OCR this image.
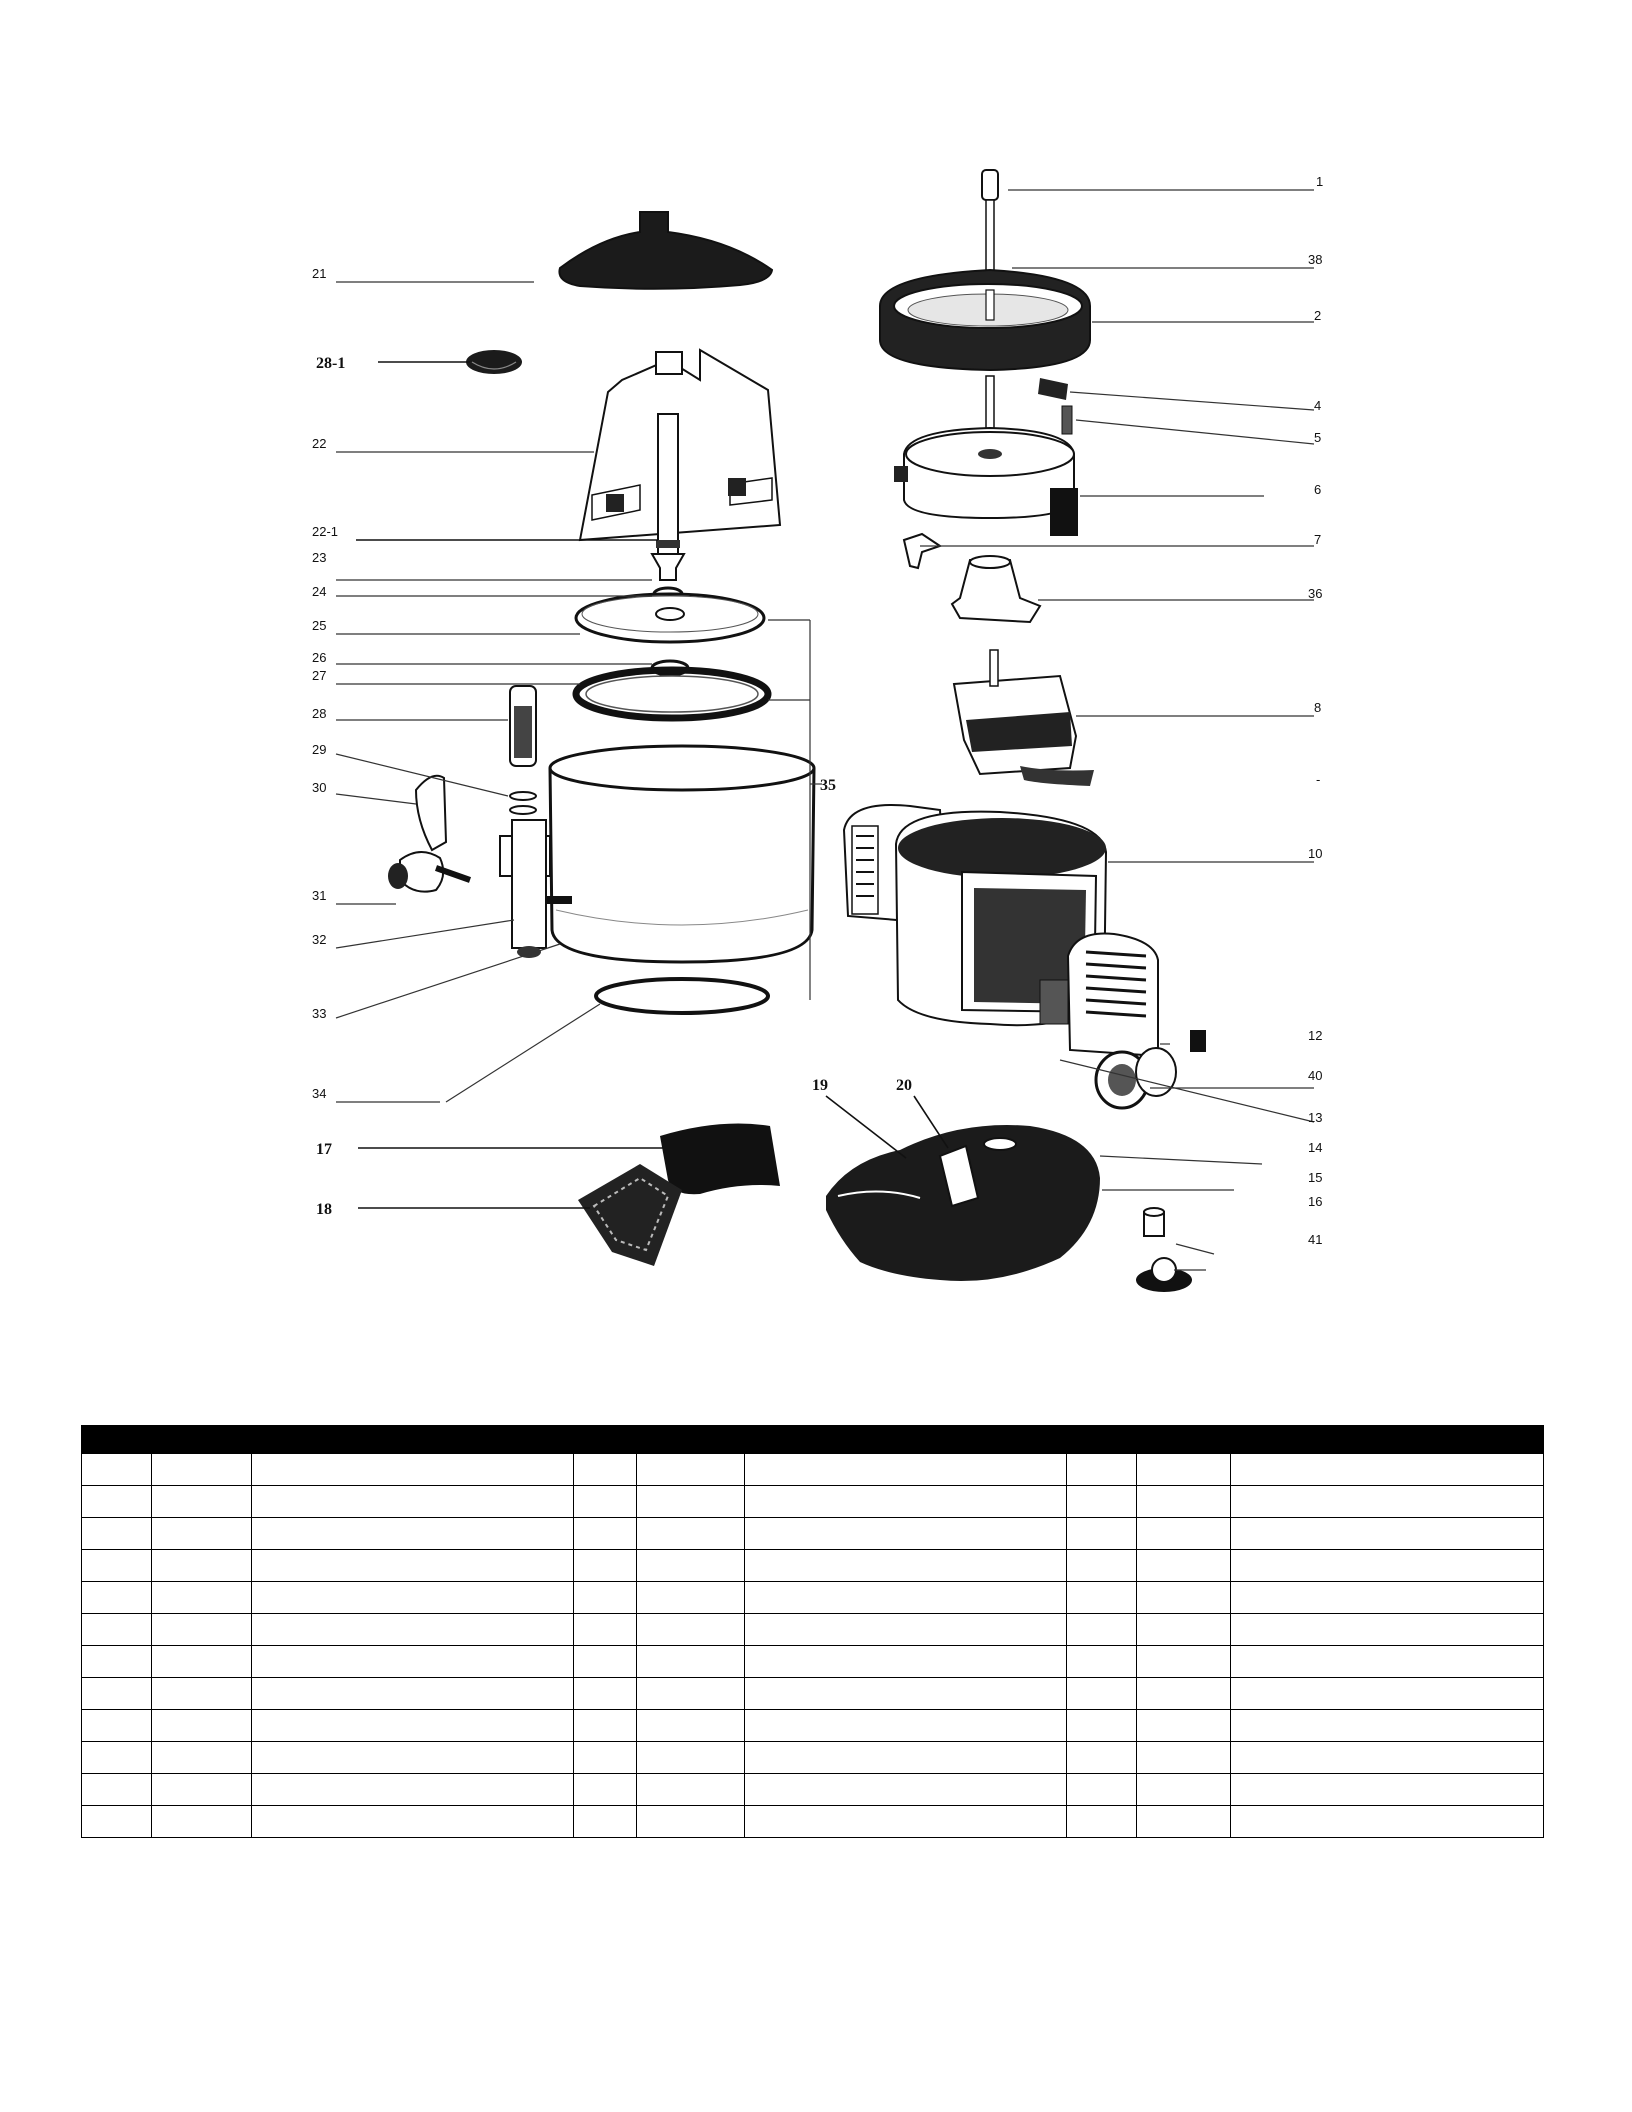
1
38
2
4
5
6
7
36
8
-
10
12
40
13
14
15
16
41
21
28-1
22
22-1
23
24
25
26
27
28
29
30
31
32
33
34
35
17
18
19	20
